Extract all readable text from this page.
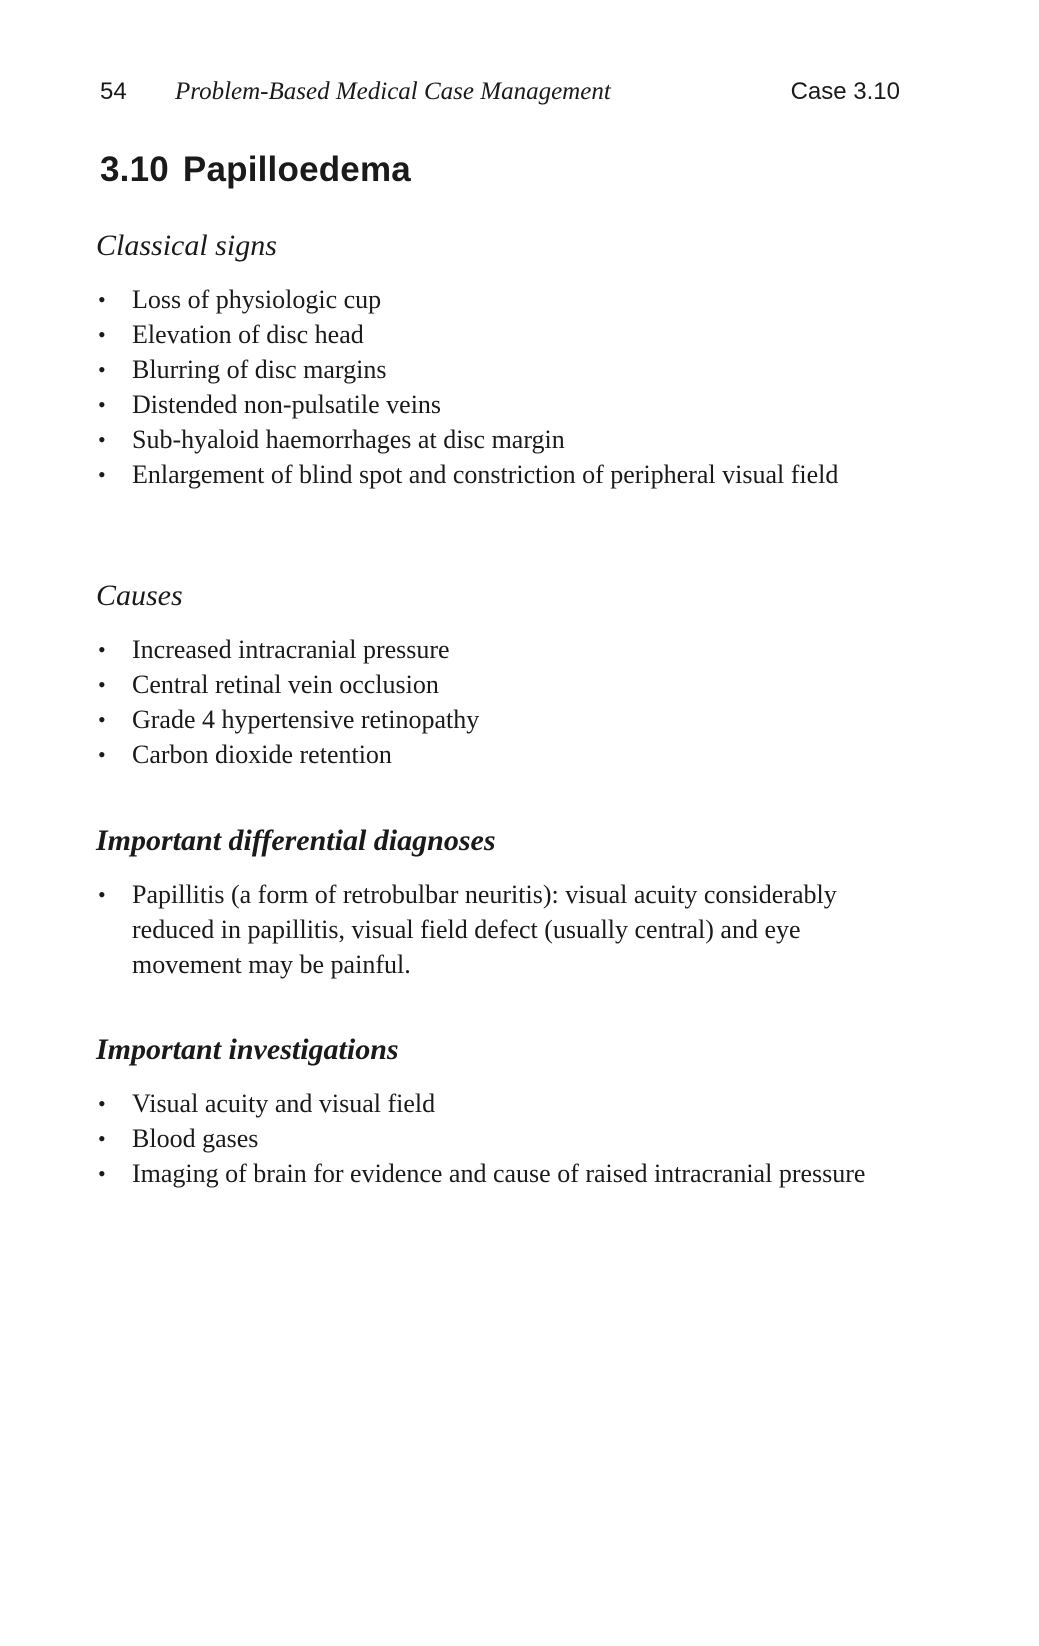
54 Problem-Based Medical Case Management	Case 3.10
3.10 Papilloedema
Classical signs
• Loss of physiologic cup
• Elevation of disc head
• Blurring of disc margins
• Distended non-pulsatile veins
• Sub-hyaloid haemorrhages at disc margin
• Enlargement of blind spot and constriction of peripheral visual field
Causes
• Increased intracranial pressure
• Central retinal vein occlusion
• Grade 4 hypertensive retinopathy
• Carbon dioxide retention
Important differential diagnoses
• Papillitis (a form of retrobulbar neuritis): visual acuity considerably reduced in papillitis, visual field defect (usually central) and eye movement may be painful.
Important investigations
• Visual acuity and visual field
• Blood gases
• Imaging of brain for evidence and cause of raised intracranial pressure
